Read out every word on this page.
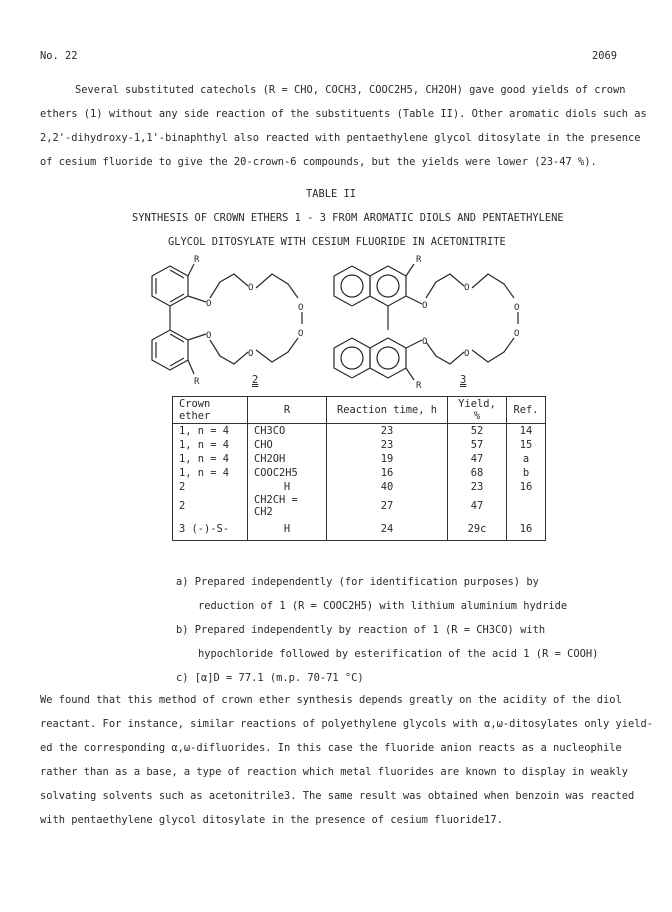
No. 22	2069
Several substituted catechols (R = CHO, COCH3, COOC2H5, CH2OH) gave good yields of crown
ethers (1) without any side reaction of the substituents (Table II). Other aromatic diols such as
2,2'-dihydroxy-1,1'-binaphthyl also reacted with pentaethylene glycol ditosylate in the presence
of cesium fluoride to give the 20-crown-6 compounds, but the yields were lower (23-47 %).
TABLE II
SYNTHESIS OF CROWN ETHERS 1 - 3 FROM AROMATIC DIOLS AND PENTAETHYLENE
GLYCOL DITOSYLATE WITH CESIUM FLUORIDE IN ACETONITRITE
R
R
O
O
O
O
O
O
2
R
R
O
O
O
O
O
O
3
Crown ether	R	Reaction time, h	Yield, %	Ref.
1, n = 4	CH3CO	23	52	14
1, n = 4	CHO	23	57	15
1, n = 4	CH2OH	19	47	a
1, n = 4	COOC2H5	16	68	b
2	H	40	23	16
2	CH2CH = CH2	27	47	
3 (-)-S-	H	24	29c	16
a) Prepared independently (for identification purposes) by
reduction of 1 (R = COOC2H5) with lithium aluminium hydride
b) Prepared independently by reaction of 1 (R = CH3CO) with
hypochloride followed by esterification of the acid 1 (R = COOH)
c) [α]D = 77.1 (m.p. 70-71 °C)
We found that this method of crown ether synthesis depends greatly on the acidity of the diol
reactant. For instance, similar reactions of polyethylene glycols with α,ω-ditosylates only yield-
ed the corresponding α,ω-difluorides. In this case the fluoride anion reacts as a nucleophile
rather than as a base, a type of reaction which metal fluorides are known to display in weakly
solvating solvents such as acetonitrile3. The same result was obtained when benzoin was reacted
with pentaethylene glycol ditosylate in the presence of cesium fluoride17.
